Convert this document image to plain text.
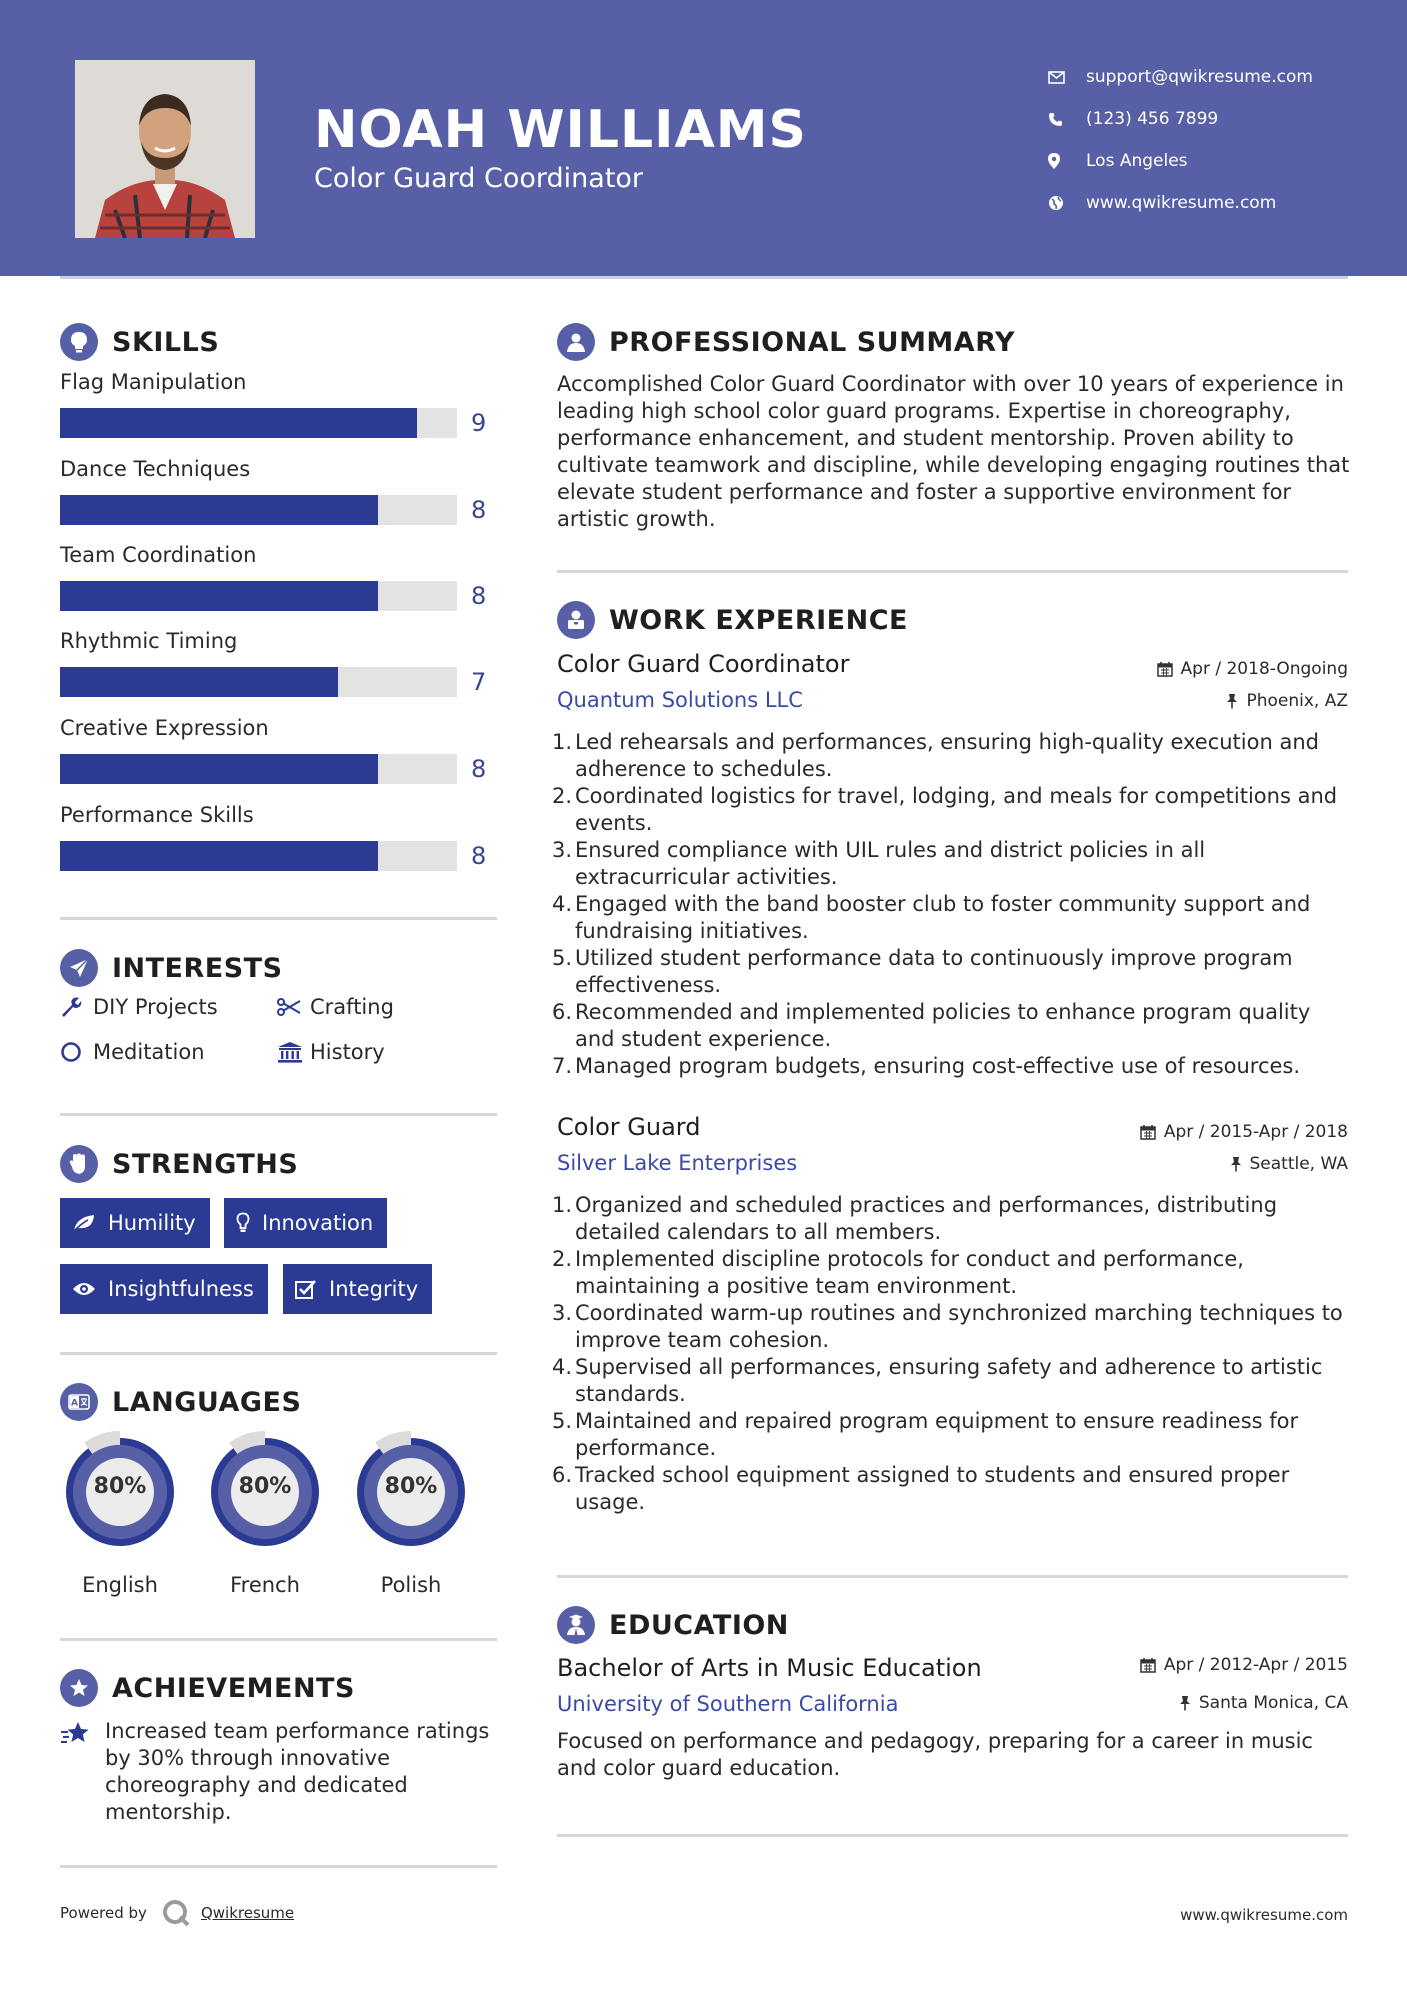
NOAH WILLIAMS
Color Guard Coordinator
support@qwikresume.com
(123) 456 7899
Los Angeles
www.qwikresume.com
SKILLS
Flag Manipulation
9
Dance Techniques
8
Team Coordination
8
Rhythmic Timing
7
Creative Expression
8
Performance Skills
8
INTERESTS
DIY Projects	Crafting
Meditation	History
STRENGTHS
Humility	Innovation
Insightfulness	Integrity
A LANGUAGES
80%
English
80%
French
80%
Polish
ACHIEVEMENTS
Increased team performance ratings by 30% through innovative choreography and dedicated mentorship.
PROFESSIONAL SUMMARY
Accomplished Color Guard Coordinator with over 10 years of experience in leading high school color guard programs. Expertise in choreography, performance enhancement, and student mentorship. Proven ability to cultivate teamwork and discipline, while developing engaging routines that elevate student performance and foster a supportive environment for artistic growth.
WORK EXPERIENCE
Color Guard Coordinator	Apr / 2018-Ongoing
Quantum Solutions LLC	Phoenix, AZ
1. Led rehearsals and performances, ensuring high-quality execution and adherence to schedules.
2. Coordinated logistics for travel, lodging, and meals for competitions and events.
3. Ensured compliance with UIL rules and district policies in all extracurricular activities.
4. Engaged with the band booster club to foster community support and fundraising initiatives.
5. Utilized student performance data to continuously improve program effectiveness.
6. Recommended and implemented policies to enhance program quality and student experience.
7. Managed program budgets, ensuring cost-effective use of resources.
Color Guard	Apr / 2015-Apr / 2018
Silver Lake Enterprises	Seattle, WA
1. Organized and scheduled practices and performances, distributing detailed calendars to all members.
2. Implemented discipline protocols for conduct and performance, maintaining a positive team environment.
3. Coordinated warm-up routines and synchronized marching techniques to improve team cohesion.
4. Supervised all performances, ensuring safety and adherence to artistic standards.
5. Maintained and repaired program equipment to ensure readiness for performance.
6. Tracked school equipment assigned to students and ensured proper usage.
EDUCATION
Bachelor of Arts in Music Education	Apr / 2012-Apr / 2015
University of Southern California	Santa Monica, CA
Focused on performance and pedagogy, preparing for a career in music and color guard education.
Powered by	Qwikresume	www.qwikresume.com
